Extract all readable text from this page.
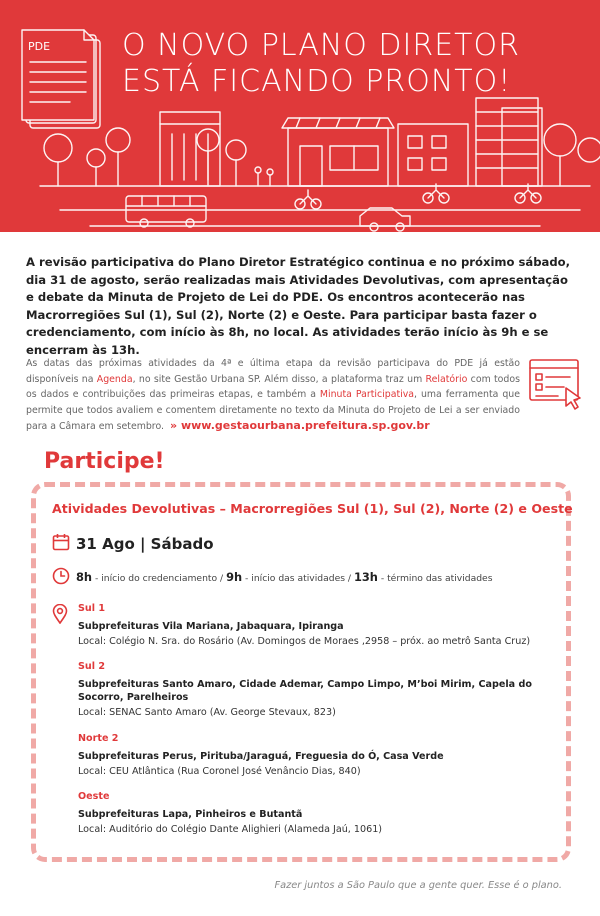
PDE O NOVO PLANO DIRETOR
ESTÁ FICANDO PRONTO!

A revisão participativa do Plano Diretor Estratégico continua e no próximo sábado, dia 31 de agosto, serão realizadas mais Atividades Devolutivas, com apresentação e debate da Minuta de Projeto de Lei do PDE. Os encontros acontecerão nas Macrorregiões Sul (1), Sul (2), Norte (2) e Oeste. Para participar basta fazer o credenciamento, com início às 8h, no local. As atividades terão início às 9h e se encerram às 13h.

As datas das próximas atividades da 4ª e última etapa da revisão participava do PDE já estão disponíveis na Agenda, no site Gestão Urbana SP. Além disso, a plataforma traz um Relatório com todos os dados e contribuições das primeiras etapas, e também a Minuta Participativa, uma ferramenta que permite que todos avaliem e comentem diretamente no texto da Minuta do Projeto de Lei a ser enviado para a Câmara em setembro. » www.gestaourbana.prefeitura.sp.gov.br

Participe!
Atividades Devolutivas – Macrorregiões Sul (1), Sul (2), Norte (2) e Oeste
31 Ago | Sábado
8h - início do credenciamento / 9h - início das atividades / 13h - término das atividades
Sul 1
Subprefeituras Vila Mariana, Jabaquara, Ipiranga
Local: Colégio N. Sra. do Rosário (Av. Domingos de Moraes ,2958 – próx. ao metrô Santa Cruz)
Sul 2
Subprefeituras Santo Amaro, Cidade Ademar, Campo Limpo, M’boi Mirim, Capela do Socorro, Parelheiros
Local: SENAC Santo Amaro (Av. George Stevaux, 823)
Norte 2
Subprefeituras Perus, Pirituba/Jaraguá, Freguesia do Ó, Casa Verde
Local: CEU Atlântica (Rua Coronel José Venâncio Dias, 840)
Oeste
Subprefeituras Lapa, Pinheiros e Butantã
Local: Auditório do Colégio Dante Alighieri (Alameda Jaú, 1061)
Fazer juntos a São Paulo que a gente quer. Esse é o plano.
